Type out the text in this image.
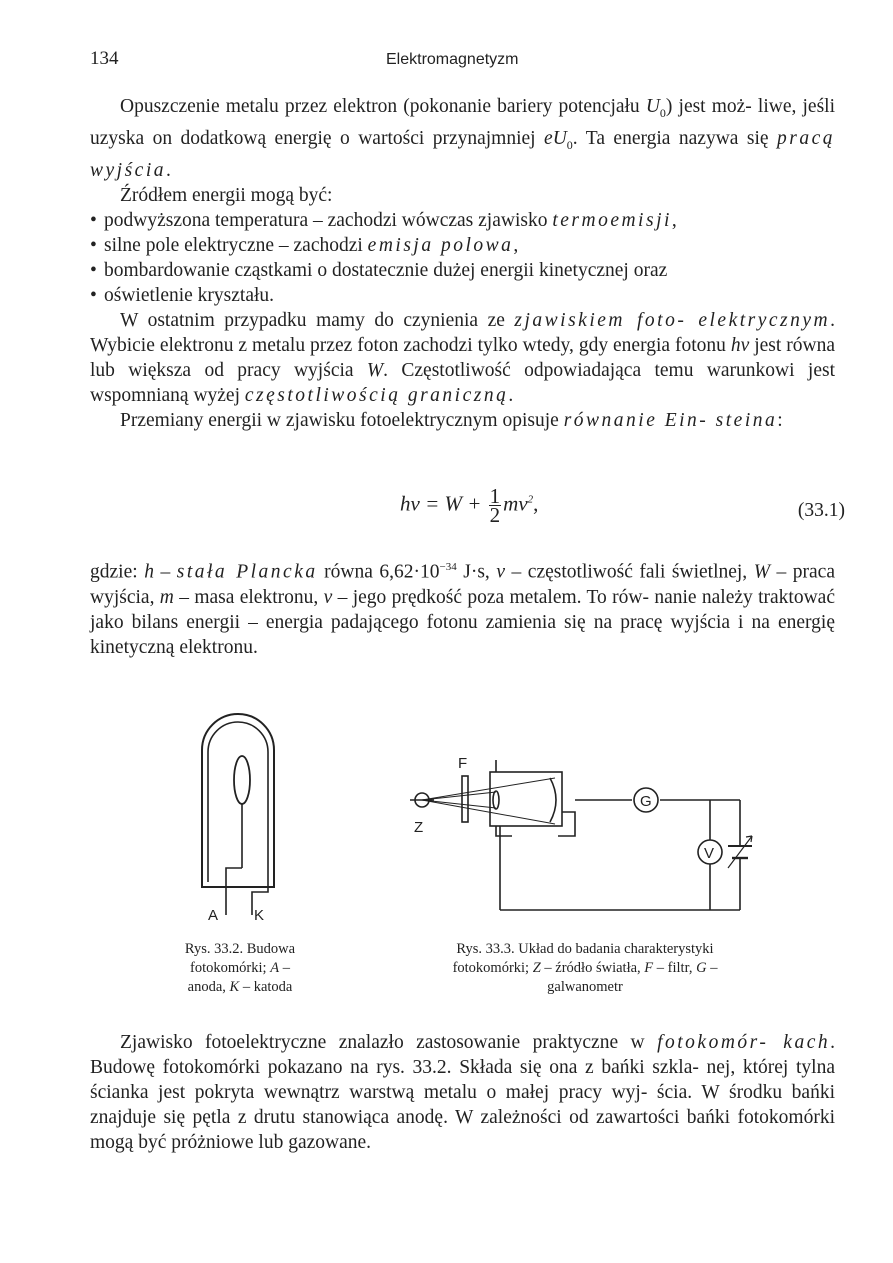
134	Elektromagnetyzm

Opuszczenie metalu przez elektron (pokonanie bariery potencjału $U_0$) jest moż- liwe, jeśli uzyska on dodatkową energię o wartości przynajmniej $eU_0$. Ta energia nazywa się pracą wyjścia.

Źródłem energii mogą być:

• podwyższona temperatura – zachodzi wówczas zjawisko termoemisji,
• silne pole elektryczne – zachodzi emisja polowa,
• bombardowanie cząstkami o dostatecznie dużej energii kinetycznej oraz
• oświetlenie kryształu.

W ostatnim przypadku mamy do czynienia ze zjawiskiem foto- elektrycznym. Wybicie elektronu z metalu przez foton zachodzi tylko wtedy, gdy energia fotonu hν jest równa lub większa od pracy wyjścia W. Częstotliwość odpowiadająca temu warunkowi jest wspomnianą wyżej częstotliwością graniczną.

Przemiany energii w zjawisku fotoelektrycznym opisuje równanie Ein- steina:

$h\nu = W + \frac{1}{2} mv^2$,	(33.1)

gdzie: h – stała Plancka równa $6,62\cdot 10^{-34}$ J·s, ν – częstotliwość fali świetlnej, W – praca wyjścia, m – masa elektronu, v – jego prędkość poza metalem. To rów- nanie należy traktować jako bilans energii – energia padającego fotonu zamienia się na pracę wyjścia i na energię kinetyczną elektronu.

A K
Rys. 33.2. Budowa
fotokomórki; A –
anoda, K – katoda
F
Z
G
V
Rys. 33.3. Układ do badania charakterystyki
fotokomórki; Z – źródło światła, F – filtr, G –
galwanometr

Zjawisko fotoelektryczne znalazło zastosowanie praktyczne w fotokomór- kach. Budowę fotokomórki pokazano na rys. 33.2. Składa się ona z bańki szkla- nej, której tylna ścianka jest pokryta wewnątrz warstwą metalu o małej pracy wyj- ścia. W środku bańki znajduje się pętla z drutu stanowiąca anodę. W zależności od zawartości bańki fotokomórki mogą być próżniowe lub gazowane.
